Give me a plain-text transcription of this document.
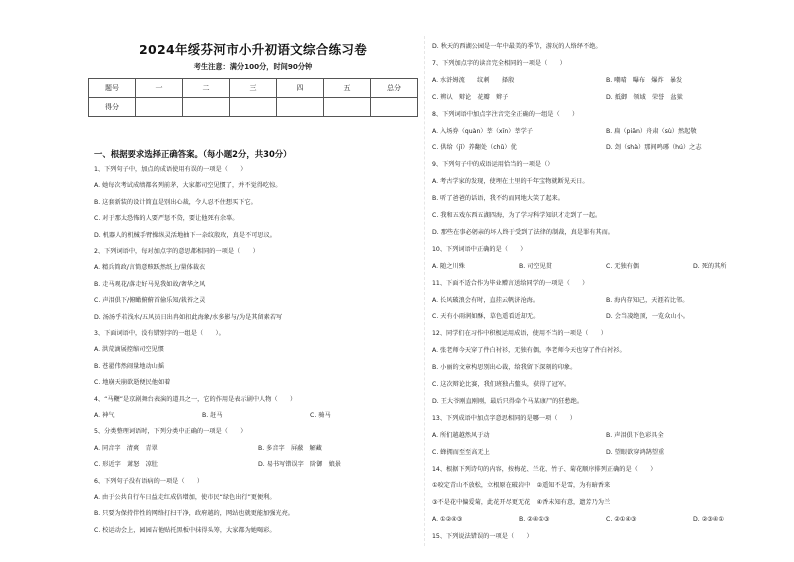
2024年绥芬河市小升初语文综合练习卷
考生注意：满分100分，时间90分钟
题号	一	二	三	四	五	总分
得分						
一、根据要求选择正确答案。（每小题2分，共30分）
1、下列句子中，加点的成语使用有误的一项是（　　）
A. 她每次考试成绩都名列前茅，大家都司空见惯了，并不觉得吃惊。
B. 这套新装的设计简直是别出心裁，令人忍不住想买下它。
C. 对于那太恐怖的人要严惩不贷，要让他死有余辜。
D. 机器人的机械手臂操纵灵活地抽下一杂纹殷玫，真是不可思议。
2、下列词语中，每对加点字的意思都相同的一项是（　　）
A. 精兵简政/言简意赅跃然纸上/量体裁衣
B. 走马观花/落走好马见我如故/奢华之风
C. 声泪俱下/俯瞰俯俯首偷乐知/栽苔之灵
D. 汤汤乎若浅水/五风员日出冉如扣此海象/水多影与/为是其留素若写
3、下面词语中，没有错别字的一组是（　　）。
A. 洪荒滴展控缩司空见惯
B. 苍翟伟然闹量地动山摇
C. 地崩天崩欲逝便民他如着
4、“马鞭”是京剧舞台表演的道具之一，它的作用是表示剧中人物（　　）
A. 神气	B. 赶马	C. 骑马
5、分类整理词语时，下列分类中正确的一项是（　　）
A. 同音字　清爽　青翠	B. 多音字　屏蔽　解藏
C. 形近字　萧怒　凉肚	D. 易书写错误字　阶御　娘景
6、下列句子没有语病的一项是（　　）
A. 由于公共自行车日益走红成倍增加，使市民“绿色出行”更便利。
B. 只要为保持伴性的网络打扫干净，政府越的，网站也就更能加强光亮。
C. 校运动会上，园园吉他贴托黑板中抹得头筹，大家都为她喝彩。
D. 秋天的西湖公园是一年中最美的季节，游玩的人络绎不绝。
7、下列加点字的读音完全相同的一项是（　　）
A. 水浒姆流　　纹刺　　择殷	B. 嘲晴　曝布　爆炸　暴发
C. 辨认　辩论　花瓣　辫子	D. 抵御　领域　荣誉　盆狱
8、下列词语中加点字注音完全正确的一组是（　　）
A. 入场券（quàn）莘（xīn）莘学子	B. 扁（piān）舟肃（sù）然起敬
C. 供给（jǐ）养翻处（chǔ）优	D. 刽（shà）那间鸣琊（hú）之志
9、下列句子中的成语运用恰当的一项是（）
A. 考古学家的发现，使埋在土里的千年宝物就断见天日。
B. 听了爸爸的话语，我不约而同地大笑了起来。
C. 我和五戏东西五湖四海，为了学习科学知识才走到了一起。
D. 那些在事必躬亲的坏人终于受到了法律的制裁，真是罪有其而。
10、下列词语中正确的是（　　）
A. 随之川殊	B. 司空见贯	C. 无独有偶	D. 死的其所
11、下面不适合作为毕业赠言送给同学的一项是（　　）
A. 长风破浪会有时，直挂云帆济沧海。	B. 海内存知己，天涯若比邻。
C. 天有小雨润如酥，草色遥看近却无。	D. 会当凌绝顶，一览众山小。
12、同学们在习作中积极运用成语，使用不当的一项是（　　）
A. 张老师今天穿了件白衬衫，无独有偶，李老师今天也穿了件白衬衫。
B. 小丽的文章构思别出心裁，给我留下深刻的印象。
C. 这次辩论比赛，我们班独占鳌头，获得了冠军。
D. 王大爷刚直刚刚，最后只得牵个马某康尸的狂愁绝。
13、下列成语中加点字意思相同的是哪一项（　　）
A. 所们越越然风于动	B. 声泪俱下色彩具全
C. 蜂拥而至至高无上	D. 望眼欲穿鸿鹄望重
14、根据下列诗句的内容，按梅花、兰花、竹子、菊花顺序排列正确的是（　　）
①咬定青山不放松，立根原在破岩中　②遥知不是雪，为有暗香来
③不是花中偏爱菊，此花开尽更无花　④香未知有意，遗芳乃为兰
A. ①②④③	B. ②④①③	C. ②①④③	D. ②③④①
15、下列说法错误的一项是（　　）
